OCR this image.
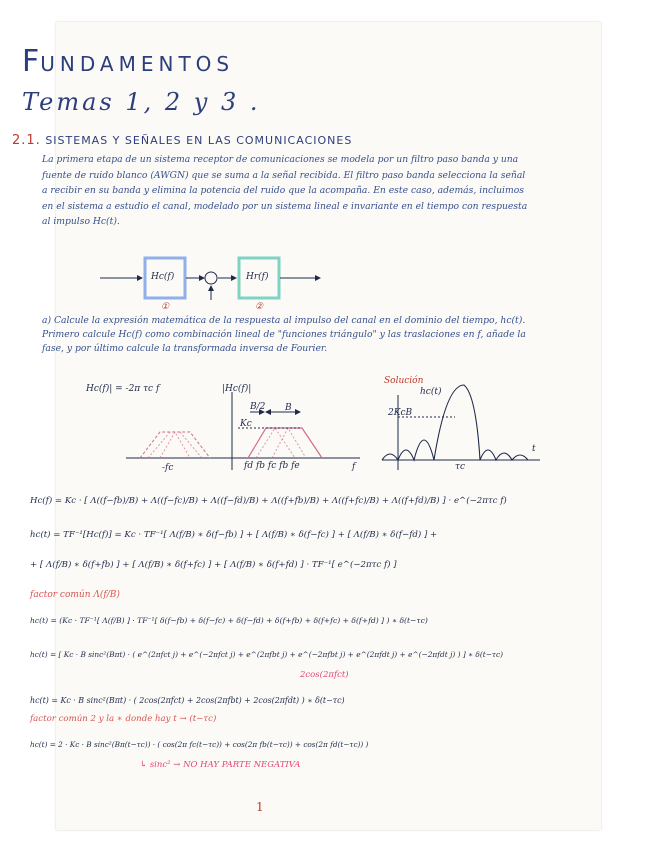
FUNDAMENTOS
Temas 1, 2 y 3 .
2.1. SISTEMAS Y SEÑALES EN LAS COMUNICACIONES
La primera etapa de un sistema receptor de comunicaciones se modela por un filtro paso banda y una fuente de ruido blanco (AWGN) que se suma a la señal recibida. El filtro paso banda selecciona la señal a recibir en su banda y elimina la potencia del ruido que la acompaña. En este caso, además, incluimos en el sistema a estudio el canal, modelado por un sistema lineal e invariante en el tiempo con respuesta al impulso Hc(t).
Hc(f)
①
Hr(f)
②
a) Calcule la expresión matemática de la respuesta al impulso del canal en el dominio del tiempo, hc(t). Primero calcule Hc(f) como combinación lineal de "funciones triángulo" y las traslaciones en f, añade la fase, y por último calcule la transformada inversa de Fourier.
Hc(f)| = -2π τc f	|Hc(f)|
Kc
B/2 B
-fc	fd fb fc fb fe	f
Solución
hc(t)
2KcB
τc
t
Hc(f) = Kc · [ Λ((f−fb)/B) + Λ((f−fc)/B) + Λ((f−fd)/B) + Λ((f+fb)/B) + Λ((f+fc)/B) + Λ((f+fd)/B) ] · e^(−2πτc f)
hc(t) = TF⁻¹[Hc(f)] = Kc · TF⁻¹[ Λ(f/B) ∗ δ(f−fb) ] + [ Λ(f/B) ∗ δ(f−fc) ] + [ Λ(f/B) ∗ δ(f−fd) ] +
+ [ Λ(f/B) ∗ δ(f+fb) ] + [ Λ(f/B) ∗ δ(f+fc) ] + [ Λ(f/B) ∗ δ(f+fd) ] · TF⁻¹[ e^(−2πτc f) ]
factor común Λ(f/B)
hc(t) = (Kc · TF⁻¹[ Λ(f/B) ] · TF⁻¹[ δ(f−fb) + δ(f−fc) + δ(f−fd) + δ(f+fb) + δ(f+fc) + δ(f+fd) ] ) ∗ δ(t−τc)
hc(t) = [ Kc · B sinc²(Bπt) · ( e^(2πfct j) + e^(−2πfct j) + e^(2πfbt j) + e^(−2πfbt j) + e^(2πfdt j) + e^(−2πfdt j) ) ] ∗ δ(t−τc)
2cos(2πfct)
hc(t) = Kc · B sinc²(Bπt) · ( 2cos(2πfct) + 2cos(2πfbt) + 2cos(2πfdt) ) ∗ δ(t−τc)
factor común 2 y la ∗ donde hay t → (t−τc)
hc(t) = 2 · Kc · B sinc²(Bπ(t−τc)) · ( cos(2π fc(t−τc)) + cos(2π fb(t−τc)) + cos(2π fd(t−τc)) )
↳ sinc² → NO HAY PARTE NEGATIVA
1
